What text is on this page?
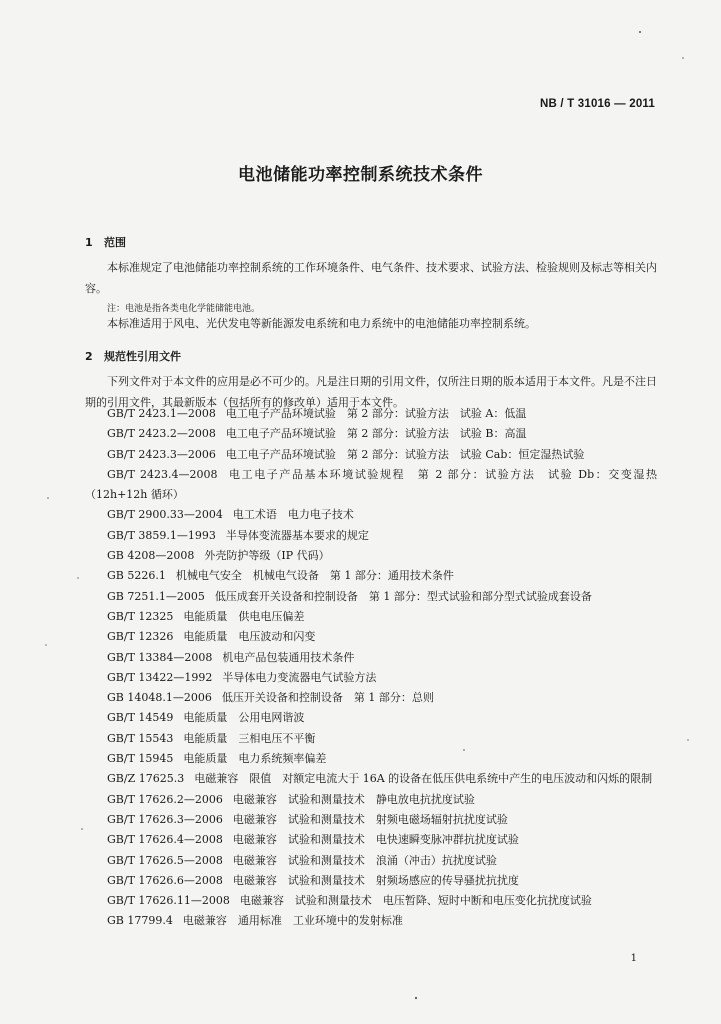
NB / T 31016 — 2011
电池储能功率控制系统技术条件
1 范围
本标准规定了电池储能功率控制系统的工作环境条件、电气条件、技术要求、试验方法、检验规则及标志等相关内容。
注：电池是指各类电化学能储能电池。
本标准适用于风电、光伏发电等新能源发电系统和电力系统中的电池储能功率控制系统。
2 规范性引用文件
下列文件对于本文件的应用是必不可少的。凡是注日期的引用文件，仅所注日期的版本适用于本文件。凡是不注日期的引用文件，其最新版本（包括所有的修改单）适用于本文件。
GB/T 2423.1—2008 电工电子产品环境试验　第 2 部分：试验方法　试验 A：低温
GB/T 2423.2—2008 电工电子产品环境试验　第 2 部分：试验方法　试验 B：高温
GB/T 2423.3—2006 电工电子产品环境试验　第 2 部分：试验方法　试验 Cab：恒定湿热试验
GB/T 2423.4—2008 电工电子产品基本环境试验规程　第 2 部分：试验方法　试验 Db：交变湿热（12h+12h 循环）
GB/T 2900.33—2004 电工术语　电力电子技术
GB/T 3859.1—1993 半导体变流器基本要求的规定
GB 4208—2008 外壳防护等级（IP 代码）
GB 5226.1 机械电气安全　机械电气设备　第 1 部分：通用技术条件
GB 7251.1—2005 低压成套开关设备和控制设备　第 1 部分：型式试验和部分型式试验成套设备
GB/T 12325 电能质量　供电电压偏差
GB/T 12326 电能质量　电压波动和闪变
GB/T 13384—2008 机电产品包装通用技术条件
GB/T 13422—1992 半导体电力变流器电气试验方法
GB 14048.1—2006 低压开关设备和控制设备　第 1 部分：总则
GB/T 14549 电能质量　公用电网谐波
GB/T 15543 电能质量　三相电压不平衡
GB/T 15945 电能质量　电力系统频率偏差
GB/Z 17625.3 电磁兼容　限值　对额定电流大于 16A 的设备在低压供电系统中产生的电压波动和闪烁的限制
GB/T 17626.2—2006 电磁兼容　试验和测量技术　静电放电抗扰度试验
GB/T 17626.3—2006 电磁兼容　试验和测量技术　射频电磁场辐射抗扰度试验
GB/T 17626.4—2008 电磁兼容　试验和测量技术　电快速瞬变脉冲群抗扰度试验
GB/T 17626.5—2008 电磁兼容　试验和测量技术　浪涌（冲击）抗扰度试验
GB/T 17626.6—2008 电磁兼容　试验和测量技术　射频场感应的传导骚扰抗扰度
GB/T 17626.11—2008 电磁兼容　试验和测量技术　电压暂降、短时中断和电压变化抗扰度试验
GB 17799.4 电磁兼容　通用标准　工业环境中的发射标准
1
